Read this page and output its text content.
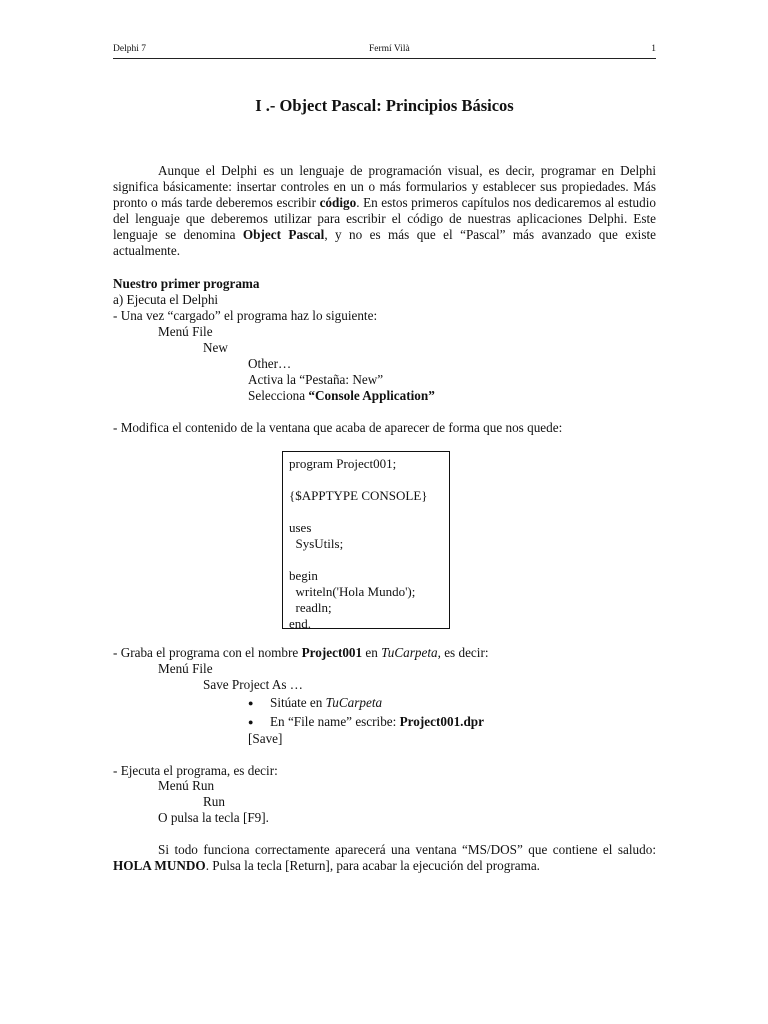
Delphi 7	Fermí Vilà	1
I .- Object Pascal: Principios Básicos
Aunque el Delphi es un lenguaje de programación visual, es decir, programar en Delphi significa básicamente: insertar controles en un o más formularios y establecer sus propiedades. Más pronto o más tarde deberemos escribir código. En estos primeros capítulos nos dedicaremos al estudio del lenguaje que deberemos utilizar para escribir el código de nuestras aplicaciones Delphi. Este lenguaje se denomina Object Pascal, y no es más que el “Pascal” más avanzado que existe actualmente.
Nuestro primer programa
a) Ejecuta el Delphi
- Una vez “cargado” el programa haz lo siguiente:
Menú File
New
Other…
Activa la “Pestaña: New”
Selecciona “Console Application”
- Modifica el contenido de la ventana que acaba de aparecer de forma que nos quede:
program Project001;
{$APPTYPE CONSOLE}
uses
SysUtils;
begin
writeln('Hola Mundo');
readln;
end.
- Graba el programa con el nombre Project001 en TuCarpeta, es decir:
Menú File
Save Project As …
● Sitúate en TuCarpeta
● En “File name” escribe: Project001.dpr
[Save]
- Ejecuta el programa, es decir:
Menú Run
Run
O pulsa la tecla [F9].
Si todo funciona correctamente aparecerá una ventana “MS/DOS” que contiene el saludo: HOLA MUNDO. Pulsa la tecla [Return], para acabar la ejecución del programa.
